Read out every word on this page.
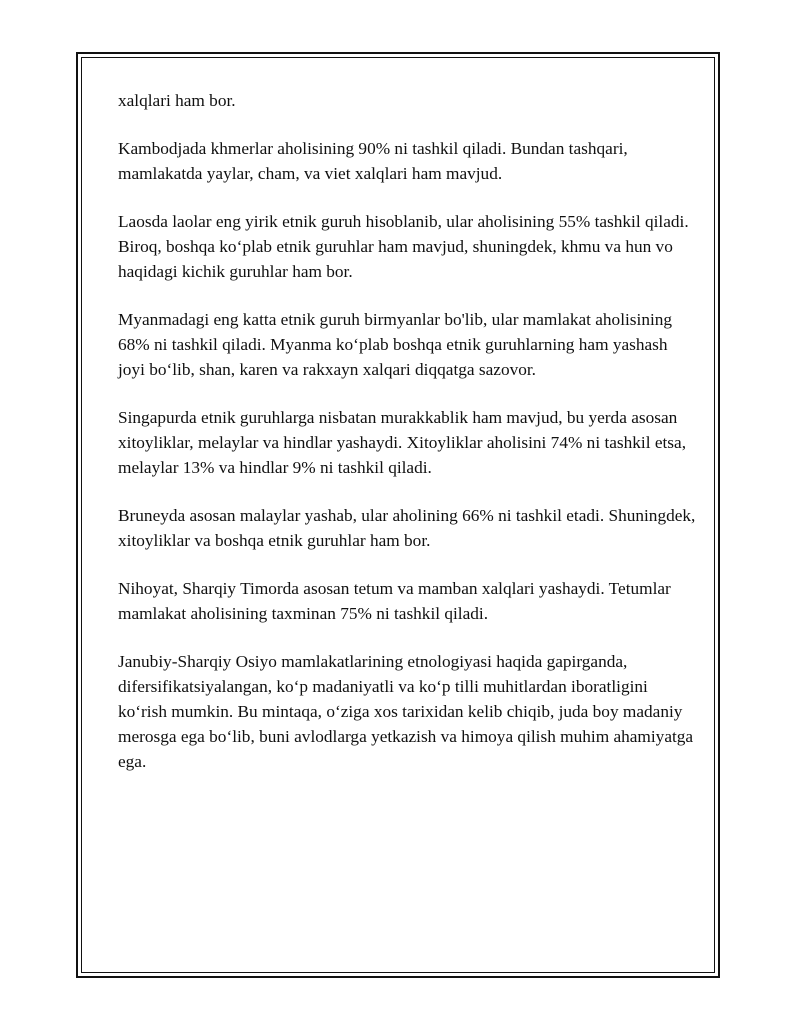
xalqlari ham bor.

Kambodjada khmerlar aholisining 90% ni tashkil qiladi. Bundan tashqari, mamlakatda yaylar, cham, va viet xalqlari ham mavjud.

Laosda laolar eng yirik etnik guruh hisoblanib, ular aholisining 55% tashkil qiladi. Biroq, boshqa ko‘plab etnik guruhlar ham mavjud, shuningdek, khmu va hun vo haqidagi kichik guruhlar ham bor.

Myanmadagi eng katta etnik guruh birmyanlar bo'lib, ular mamlakat aholisining 68% ni tashkil qiladi. Myanma ko‘plab boshqa etnik guruhlarning ham yashash joyi bo‘lib, shan, karen va rakxayn xalqari diqqatga sazovor.

Singapurda etnik guruhlarga nisbatan murakkablik ham mavjud, bu yerda asosan xitoyliklar, melaylar va hindlar yashaydi. Xitoyliklar aholisini 74% ni tashkil etsa, melaylar 13% va hindlar 9% ni tashkil qiladi.

Bruneyda asosan malaylar yashab, ular aholining 66% ni tashkil etadi. Shuningdek, xitoyliklar va boshqa etnik guruhlar ham bor.

Nihoyat, Sharqiy Timorda asosan tetum va mamban xalqlari yashaydi. Tetumlar mamlakat aholisining taxminan 75% ni tashkil qiladi.

Janubiy-Sharqiy Osiyo mamlakatlarining etnologiyasi haqida gapirganda, difersifikatsiyalangan, ko‘p madaniyatli va ko‘p tilli muhitlardan iboratligini ko‘rish mumkin. Bu mintaqa, o‘ziga xos tarixidan kelib chiqib, juda boy madaniy merosga ega bo‘lib, buni avlodlarga yetkazish va himoya qilish muhim ahamiyatga ega.
